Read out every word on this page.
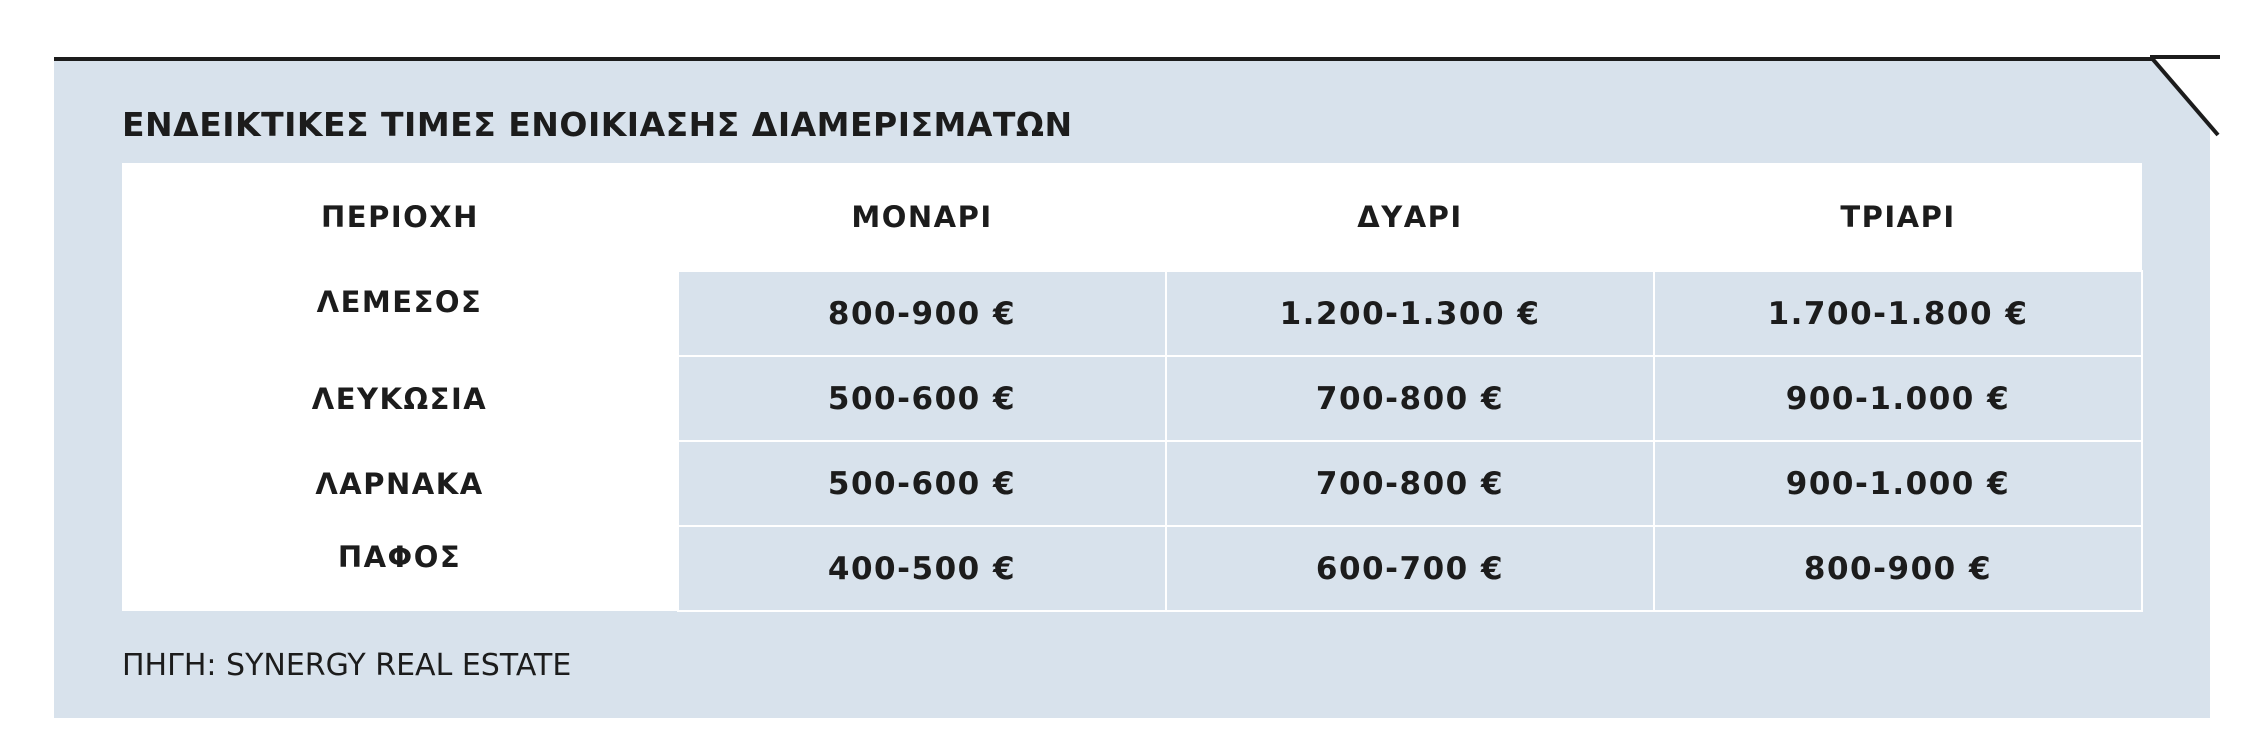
ΕΝΔΕΙΚΤΙΚΕΣ ΤΙΜΕΣ ΕΝΟΙΚΙΑΣΗΣ ΔΙΑΜΕΡΙΣΜΑΤΩΝ
ΠΕΡΙΟΧΗ	ΜΟΝΑΡΙ	ΔΥΑΡΙ	ΤΡΙΑΡΙ
ΛΕΜΕΣΟΣ	800-900 €	1.200-1.300 €	1.700-1.800 €
ΛΕΥΚΩΣΙΑ	500-600 €	700-800 €	900-1.000 €
ΛΑΡΝΑΚΑ	500-600 €	700-800 €	900-1.000 €
ΠΑΦΟΣ	400-500 €	600-700 €	800-900 €

ΠΗΓΗ: SYNERGY REAL ESTATE
